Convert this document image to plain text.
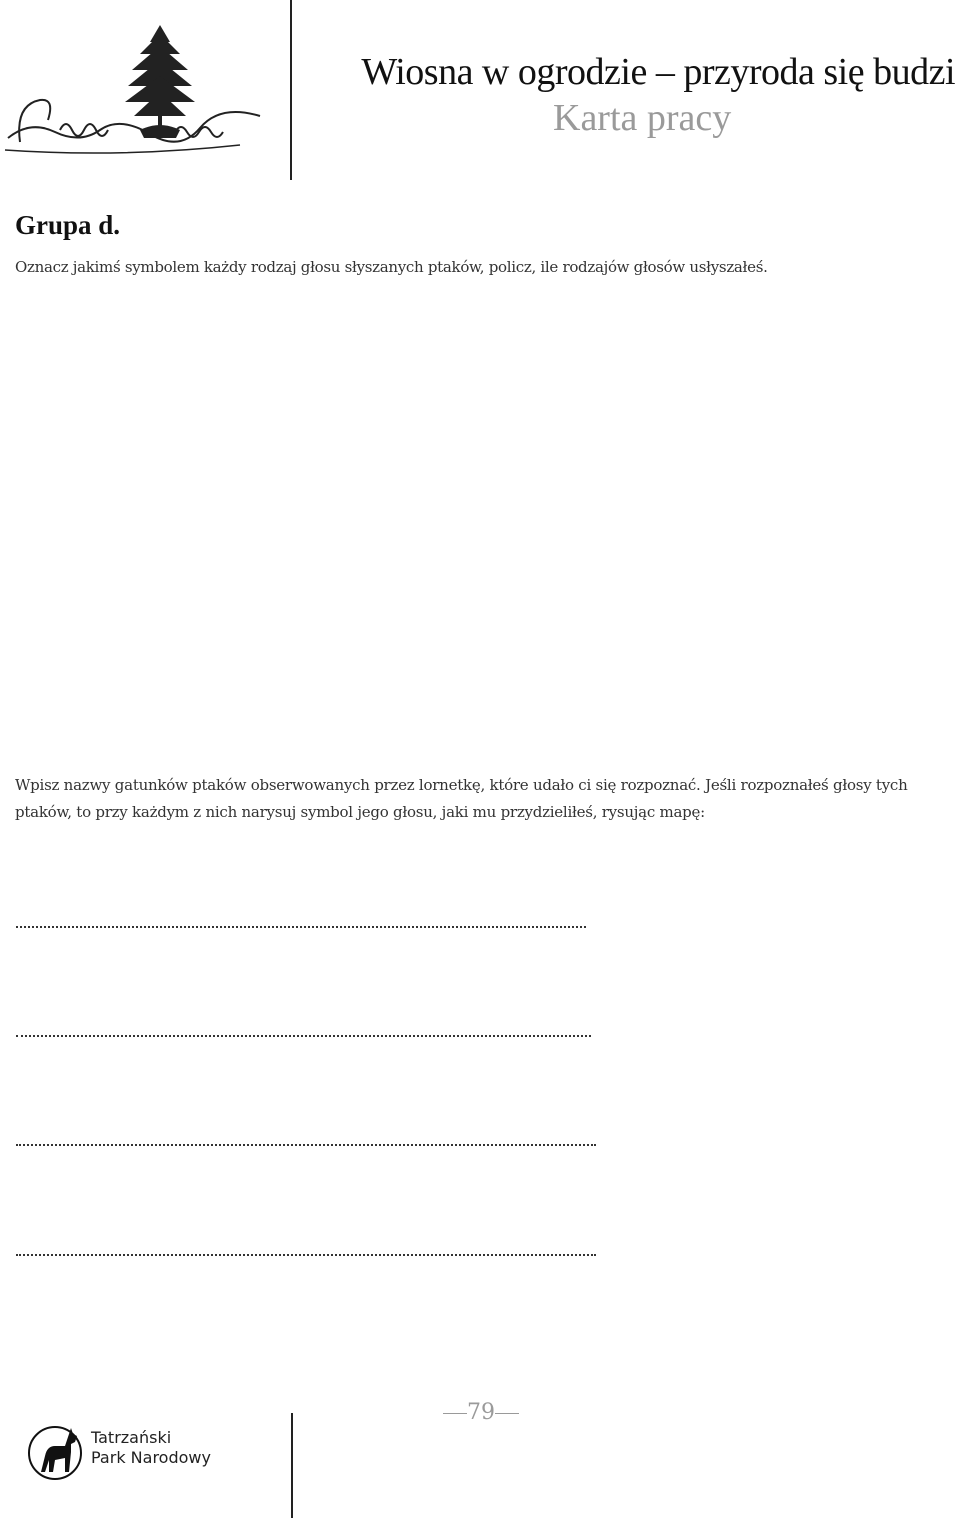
Wiosna w ogrodzie – przyroda się budzi
Karta pracy
Grupa d.
Oznacz jakimś symbolem każdy rodzaj głosu słyszanych ptaków, policz, ile rodzajów głosów usłyszałeś.
Wpisz nazwy gatunków ptaków obserwowanych przez lornetkę, które udało ci się rozpoznać. Jeśli rozpoznałeś głosy tych ptaków, to przy każdym z nich narysuj symbol jego głosu, jaki mu przydzieliłeś, rysując mapę:
79
Tatrzański
Park Narodowy
